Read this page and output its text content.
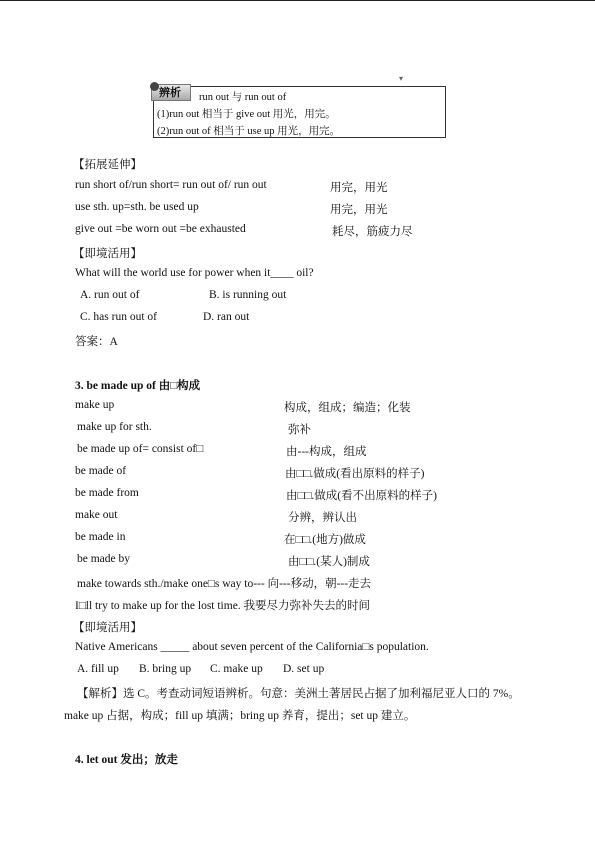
▾
辨析	run out 与 run out of
(1)run out 相当于 give out 用光，用完。
(2)run out of 相当于 use up 用光，用完。
【拓展延伸】
run short of/run short= run out of/ run out	用完，用光
use sth. up=sth. be used up	用完，用光
give out =be worn out =be exhausted	耗尽，筋疲力尽
【即境活用】
What will the world use for power when it____ oil?
A. run out of	B. is running out
C. has run out of	D. ran out
答案：A
3. be made up of 由□构成
make up	构成，组成；编造；化装
make up for sth.	弥补
be made up of= consist of□	由---构成，组成
be made of	由□□.做成(看出原料的样子)
be made from	由□□.做成(看不出原料的样子)
make out	分辨，辨认出
be made in	在□□.(地方)做成
be made by	由□□.(某人)制成
make towards sth./make one□s way to--- 向---移动，朝---走去
I□ll try to make up for the lost time. 我要尽力弥补失去的时间
【即境活用】
Native Americans _____ about seven percent of the California□s population.
A. fill up B. bring up C. make up D. set up
【解析】选 C。考查动词短语辨析。句意：美洲土著居民占据了加利福尼亚人口的 7%。
make up 占据，构成；fill up 填满；bring up 养育，提出；set up 建立。
4. let out 发出；放走
